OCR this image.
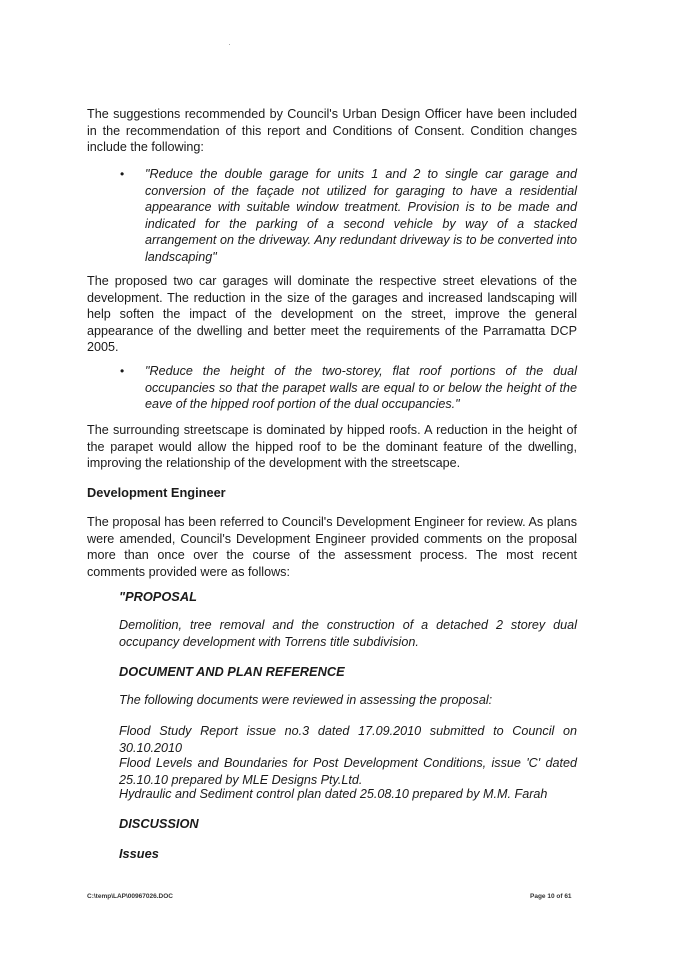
The suggestions recommended by Council's Urban Design Officer have been included in the recommendation of this report and Conditions of Consent. Condition changes include the following:

• "Reduce the double garage for units 1 and 2 to single car garage and conversion of the façade not utilized for garaging to have a residential appearance with suitable window treatment. Provision is to be made and indicated for the parking of a second vehicle by way of a stacked arrangement on the driveway. Any redundant driveway is to be converted into landscaping"

The proposed two car garages will dominate the respective street elevations of the development. The reduction in the size of the garages and increased landscaping will help soften the impact of the development on the street, improve the general appearance of the dwelling and better meet the requirements of the Parramatta DCP 2005.

• "Reduce the height of the two-storey, flat roof portions of the dual occupancies so that the parapet walls are equal to or below the height of the eave of the hipped roof portion of the dual occupancies."

The surrounding streetscape is dominated by hipped roofs. A reduction in the height of the parapet would allow the hipped roof to be the dominant feature of the dwelling, improving the relationship of the development with the streetscape.

Development Engineer

The proposal has been referred to Council's Development Engineer for review. As plans were amended, Council's Development Engineer provided comments on the proposal more than once over the course of the assessment process. The most recent comments provided were as follows:

"PROPOSAL

Demolition, tree removal and the construction of a detached 2 storey dual occupancy development with Torrens title subdivision.

DOCUMENT AND PLAN REFERENCE

The following documents were reviewed in assessing the proposal:

Flood Study Report issue no.3 dated 17.09.2010 submitted to Council on 30.10.2010

Flood Levels and Boundaries for Post Development Conditions, issue 'C' dated 25.10.10 prepared by MLE Designs Pty.Ltd.

Hydraulic and Sediment control plan dated 25.08.10 prepared by M.M. Farah

DISCUSSION

Issues

C:\temp\LAP\00967026.DOC	Page 10 of 61
